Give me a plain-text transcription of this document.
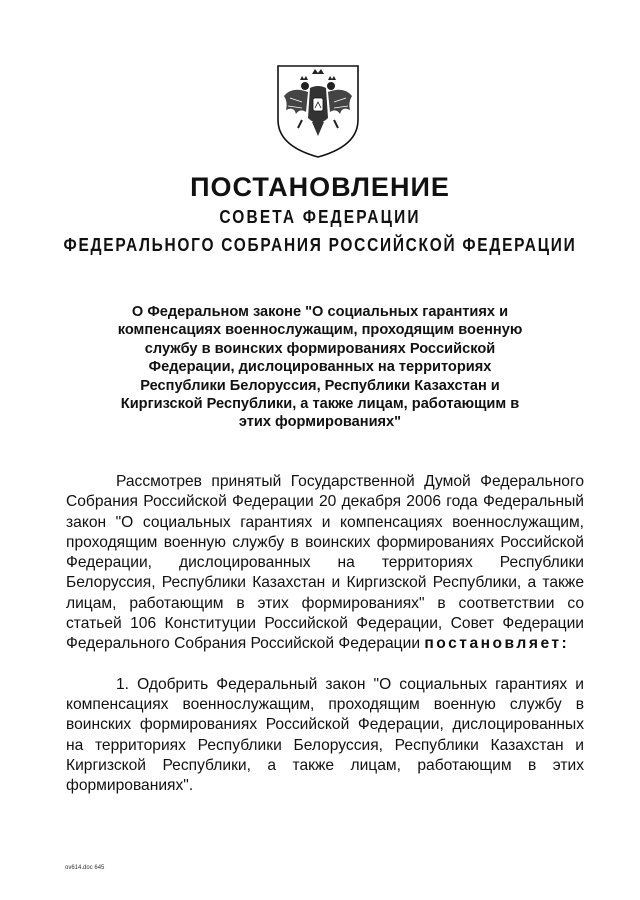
ПОСТАНОВЛЕНИЕ
СОВЕТА ФЕДЕРАЦИИ
ФЕДЕРАЛЬНОГО СОБРАНИЯ РОССИЙСКОЙ ФЕДЕРАЦИИ

О Федеральном законе "О социальных гарантиях и компенсациях военнослужащим, проходящим военную службу в воинских формированиях Российской Федерации, дислоцированных на территориях Республики Белоруссия, Республики Казахстан и Киргизской Республики, а также лицам, работающим в этих формированиях"

Рассмотрев принятый Государственной Думой Федерального Собрания Российской Федерации 20 декабря 2006 года Федеральный закон "О социальных гарантиях и компенсациях военнослужащим, проходящим военную службу в воинских формированиях Российской Федерации, дислоцированных на территориях Республики Белоруссия, Республики Казахстан и Киргизской Республики, а также лицам, работающим в этих формированиях" в соответствии со статьей 106 Конституции Российской Федерации, Совет Федерации Федерального Собрания Российской Федерации постановляет:

1. Одобрить Федеральный закон "О социальных гарантиях и компенсациях военнослужащим, проходящим военную службу в воинских формированиях Российской Федерации, дислоцированных на территориях Республики Белоруссия, Республики Казахстан и Киргизской Республики, а также лицам, работающим в этих формированиях".

ov614.doc 645
